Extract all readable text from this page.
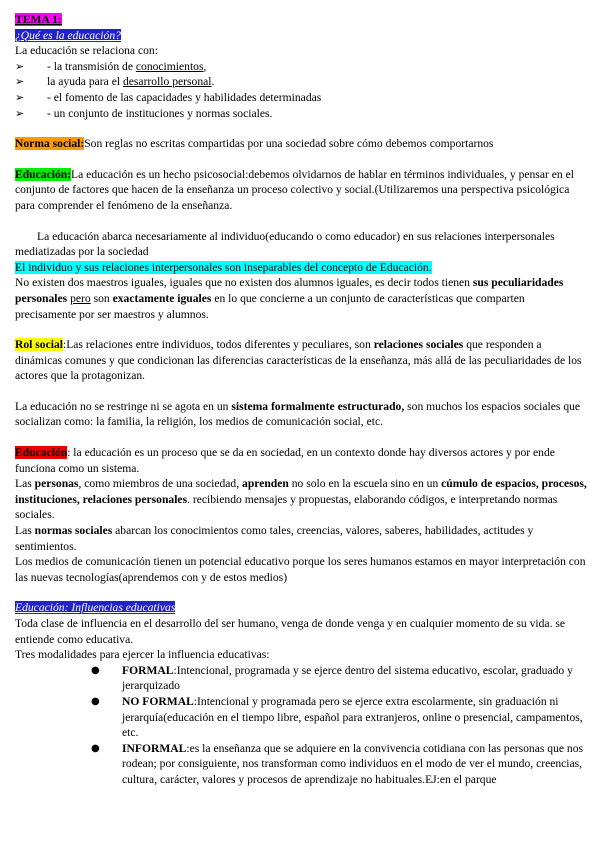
TEMA 1:

¿Qué es la educación?

La educación se relaciona con:

➢	- la transmisión de conocimientos,
➢	la ayuda para el desarrollo personal.
➢	- el fomento de las capacidades y habilidades determinadas
➢	- un conjunto de instituciones y normas sociales.

Norma social:Son reglas no escritas compartidas por una sociedad sobre cómo debemos comportarnos

Educación:La educación es un hecho psicosocial:debemos olvidarnos de hablar en términos individuales, y pensar en el conjunto de factores que hacen de la enseñanza un proceso colectivo y social.(Utilizaremos una perspectiva psicológica para comprender el fenómeno de la enseñanza.

La educación abarca necesariamente al individuo(educando o como educador) en sus relaciones interpersonales mediatizadas por la sociedad

El individuo y sus relaciones interpersonales son inseparables del concepto de Educación.

No existen dos maestros iguales, iguales que no existen dos alumnos iguales, es decir todos tienen sus peculiaridades personales pero son exactamente iguales en lo que concierne a un conjunto de características que comparten precisamente por ser maestros y alumnos.

Rol social:Las relaciones entre individuos, todos diferentes y peculiares, son relaciones sociales que responden a dinámicas comunes y que condicionan las diferencias características de la enseñanza, más allá de las peculiaridades de los actores que la protagonizan.

La educación no se restringe ni se agota en un sistema formalmente estructurado, son muchos los espacios sociales que socializan como: la familia, la religión, los medios de comunicación social, etc.

Educación: la educación es un proceso que se da en sociedad, en un contexto donde hay diversos actores y por ende funciona como un sistema.

Las personas, como miembros de una sociedad, aprenden no solo en la escuela sino en un cúmulo de espacios, procesos, instituciones, relaciones personales. recibiendo mensajes y propuestas, elaborando códigos, e interpretando normas sociales.

Las normas sociales abarcan los conocimientos como tales, creencias, valores, saberes, habilidades, actitudes y sentimientos.

Los medios de comunicación tienen un potencial educativo porque los seres humanos estamos en mayor interpretación con las nuevas tecnologías(aprendemos con y de estos medios)

Educación: Influencias educativas

Toda clase de influencia en el desarrollo del ser humano, venga de donde venga y en cualquier momento de su vida. se entiende como educativa.

Tres modalidades para ejercer la influencia educativas:

● FORMAL:Intencional, programada y se ejerce dentro del sistema educativo, escolar, graduado y jerarquizado
● NO FORMAL:Intencional y programada pero se ejerce extra escolarmente, sin graduación ni jerarquía(educación en el tiempo libre, español para extranjeros, online o presencial, campamentos, etc.
● INFORMAL:es la enseñanza que se adquiere en la convivencia cotidiana con las personas que nos rodean; por consiguiente, nos transforman como individuos en el modo de ver el mundo, creencias, cultura, carácter, valores y procesos de aprendizaje no habituales.EJ:en el parque
